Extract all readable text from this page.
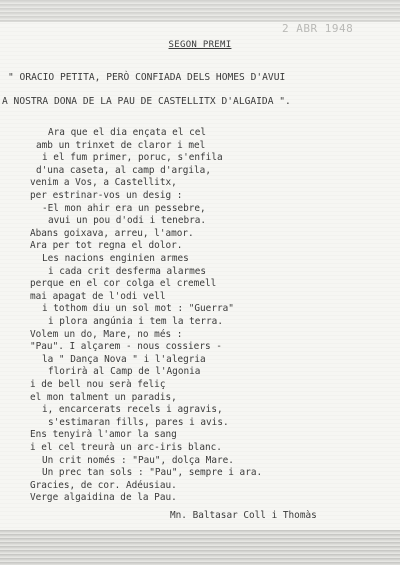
2 ABR 1948
SEGON PREMI
" ORACIO PETITA, PERÒ CONFIADA DELS HOMES D'AVUI
A NOSTRA DONA DE LA PAU DE CASTELLITX D'ALGAIDA ".
Ara que el dia ençata el cel
amb un trinxet de claror i mel
i el fum primer, poruc, s'enfila
d'una caseta, al camp d'argila,
venim a Vos, a Castellitx,
per estrinar-vos un desig :
-El mon ahir era un pessebre,
avui un pou d'odi i tenebra.
Abans goixava, arreu, l'amor.
Ara per tot regna el dolor.
Les nacions enginien armes
i cada crit desferma alarmes
perque en el cor colga el cremell
mai apagat de l'odi vell
i tothom diu un sol mot : "Guerra"
i plora angúnia i tem la terra.
Volem un do, Mare, no més :
"Pau". I alçarem - nous cossiers -
la " Dança Nova " i l'alegria
florirà al Camp de l'Agonia
i de bell nou serà feliç
el mon talment un paradis,
i, encarcerats recels i agravis,
s'estimaran fills, pares i avis.
Ens tenyirà l'amor la sang
i el cel treurà un arc-iris blanc.
Un crit només : "Pau", dolça Mare.
Un prec tan sols : "Pau", sempre i ara.
Gracies, de cor. Adéusiau.
Verge algaidina de la Pau.
Mn. Baltasar Coll i Thomàs
